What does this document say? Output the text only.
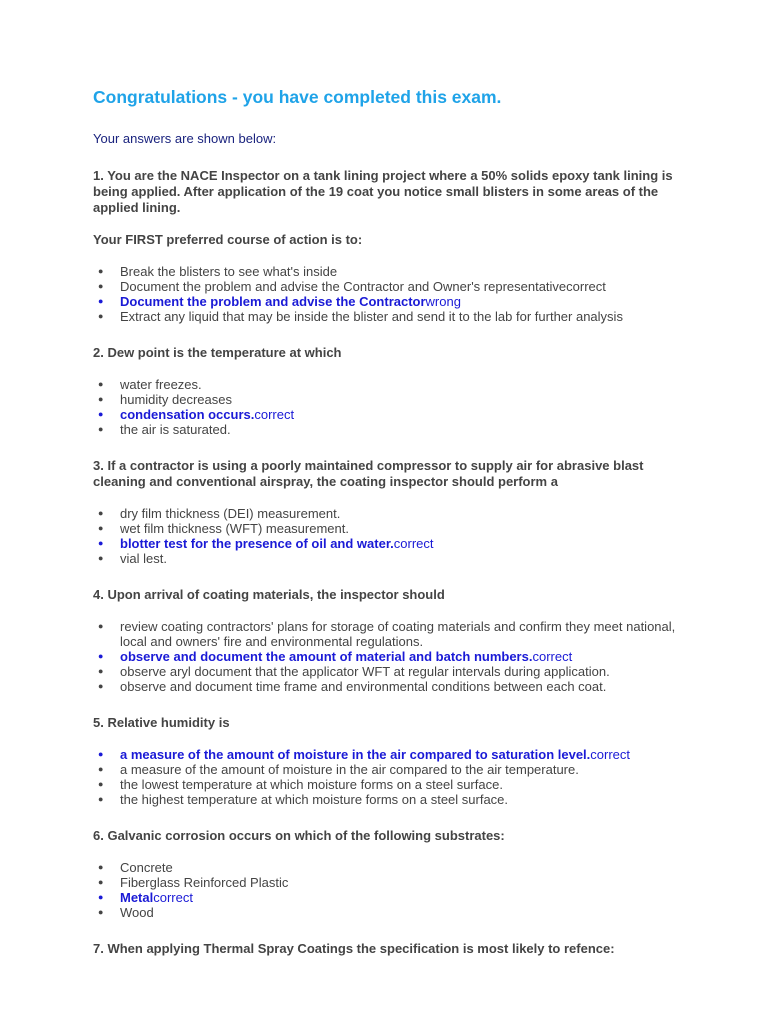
Congratulations - you have completed this exam.

Your answers are shown below:

1. You are the NACE Inspector on a tank lining project where a 50% solids epoxy tank lining is being applied. After application of the 19 coat you notice small blisters in some areas of the applied lining.

Your FIRST preferred course of action is to:

● Break the blisters to see what's inside
● Document the problem and advise the Contractor and Owner's representativecorrect
● Document the problem and advise the Contractorwrong
● Extract any liquid that may be inside the blister and send it to the lab for further analysis

2. Dew point is the temperature at which

● water freezes.
● humidity decreases
● condensation occurs.correct
● the air is saturated.

3. If a contractor is using a poorly maintained compressor to supply air for abrasive blast cleaning and conventional airspray, the coating inspector should perform a

● dry film thickness (DEI) measurement.
● wet film thickness (WFT) measurement.
● blotter test for the presence of oil and water.correct
● vial lest.

4. Upon arrival of coating materials, the inspector should

● review coating contractors' plans for storage of coating materials and confirm they meet national, local and owners' fire and environmental regulations.
● observe and document the amount of material and batch numbers.correct
● observe aryl document that the applicator WFT at regular intervals during application.
● observe and document time frame and environmental conditions between each coat.

5. Relative humidity is

● a measure of the amount of moisture in the air compared to saturation level.correct
● a measure of the amount of moisture in the air compared to the air temperature.
● the lowest temperature at which moisture forms on a steel surface.
● the highest temperature at which moisture forms on a steel surface.

6. Galvanic corrosion occurs on which of the following substrates:

● Concrete
● Fiberglass Reinforced Plastic
● Metalcorrect
● Wood

7. When applying Thermal Spray Coatings the specification is most likely to refence:
